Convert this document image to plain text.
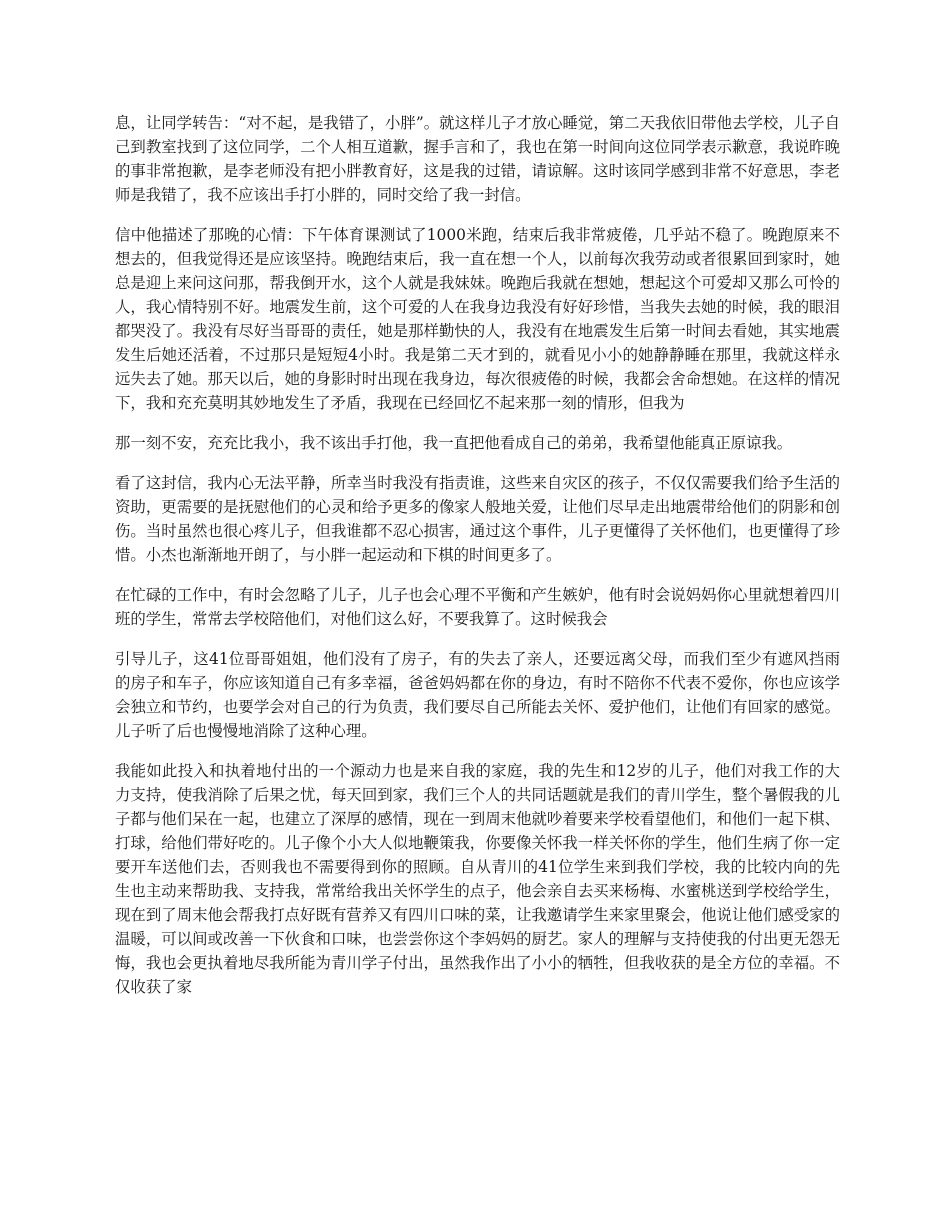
息，让同学转告：“对不起，是我错了，小胖”。就这样儿子才放心睡觉，第二天我依旧带他去学校，儿子自己到教室找到了这位同学，二个人相互道歉，握手言和了，我也在第一时间向这位同学表示歉意，我说昨晚的事非常抱歉，是李老师没有把小胖教育好，这是我的过错，请谅解。这时该同学感到非常不好意思，李老师是我错了，我不应该出手打小胖的，同时交给了我一封信。

信中他描述了那晚的心情：下午体育课测试了1000米跑，结束后我非常疲倦，几乎站不稳了。晚跑原来不想去的，但我觉得还是应该坚持。晚跑结束后，我一直在想一个人，以前每次我劳动或者很累回到家时，她总是迎上来问这问那，帮我倒开水，这个人就是我妹妹。晚跑后我就在想她，想起这个可爱却又那么可怜的人，我心情特别不好。地震发生前，这个可爱的人在我身边我没有好好珍惜，当我失去她的时候，我的眼泪都哭没了。我没有尽好当哥哥的责任，她是那样勤快的人，我没有在地震发生后第一时间去看她，其实地震发生后她还活着，不过那只是短短4小时。我是第二天才到的，就看见小小的她静静睡在那里，我就这样永远失去了她。那天以后，她的身影时时出现在我身边，每次很疲倦的时候，我都会舍命想她。在这样的情况下，我和充充莫明其妙地发生了矛盾，我现在已经回忆不起来那一刻的情形，但我为

那一刻不安，充充比我小，我不该出手打他，我一直把他看成自己的弟弟，我希望他能真正原谅我。

看了这封信，我内心无法平静，所幸当时我没有指责谁，这些来自灾区的孩子，不仅仅需要我们给予生活的资助，更需要的是抚慰他们的心灵和给予更多的像家人般地关爱，让他们尽早走出地震带给他们的阴影和创伤。当时虽然也很心疼儿子，但我谁都不忍心损害，通过这个事件，儿子更懂得了关怀他们，也更懂得了珍惜。小杰也渐渐地开朗了，与小胖一起运动和下棋的时间更多了。

在忙碌的工作中，有时会忽略了儿子，儿子也会心理不平衡和产生嫉妒，他有时会说妈妈你心里就想着四川班的学生，常常去学校陪他们，对他们这么好，不要我算了。这时候我会

引导儿子，这41位哥哥姐姐，他们没有了房子，有的失去了亲人，还要远离父母，而我们至少有遮风挡雨的房子和车子，你应该知道自己有多幸福，爸爸妈妈都在你的身边，有时不陪你不代表不爱你，你也应该学会独立和节约，也要学会对自己的行为负责，我们要尽自己所能去关怀、爱护他们，让他们有回家的感觉。儿子听了后也慢慢地消除了这种心理。

我能如此投入和执着地付出的一个源动力也是来自我的家庭，我的先生和12岁的儿子，他们对我工作的大力支持，使我消除了后果之忧，每天回到家，我们三个人的共同话题就是我们的青川学生，整个暑假我的儿子都与他们呆在一起，也建立了深厚的感情，现在一到周末他就吵着要来学校看望他们，和他们一起下棋、打球，给他们带好吃的。儿子像个小大人似地鞭策我，你要像关怀我一样关怀你的学生，他们生病了你一定要开车送他们去，否则我也不需要得到你的照顾。自从青川的41位学生来到我们学校，我的比较内向的先生也主动来帮助我、支持我，常常给我出关怀学生的点子，他会亲自去买来杨梅、水蜜桃送到学校给学生，现在到了周末他会帮我打点好既有营养又有四川口味的菜，让我邀请学生来家里聚会，他说让他们感受家的温暖，可以间或改善一下伙食和口味，也尝尝你这个李妈妈的厨艺。家人的理解与支持使我的付出更无怨无悔，我也会更执着地尽我所能为青川学子付出，虽然我作出了小小的牺牲，但我收获的是全方位的幸福。不仅收获了家
